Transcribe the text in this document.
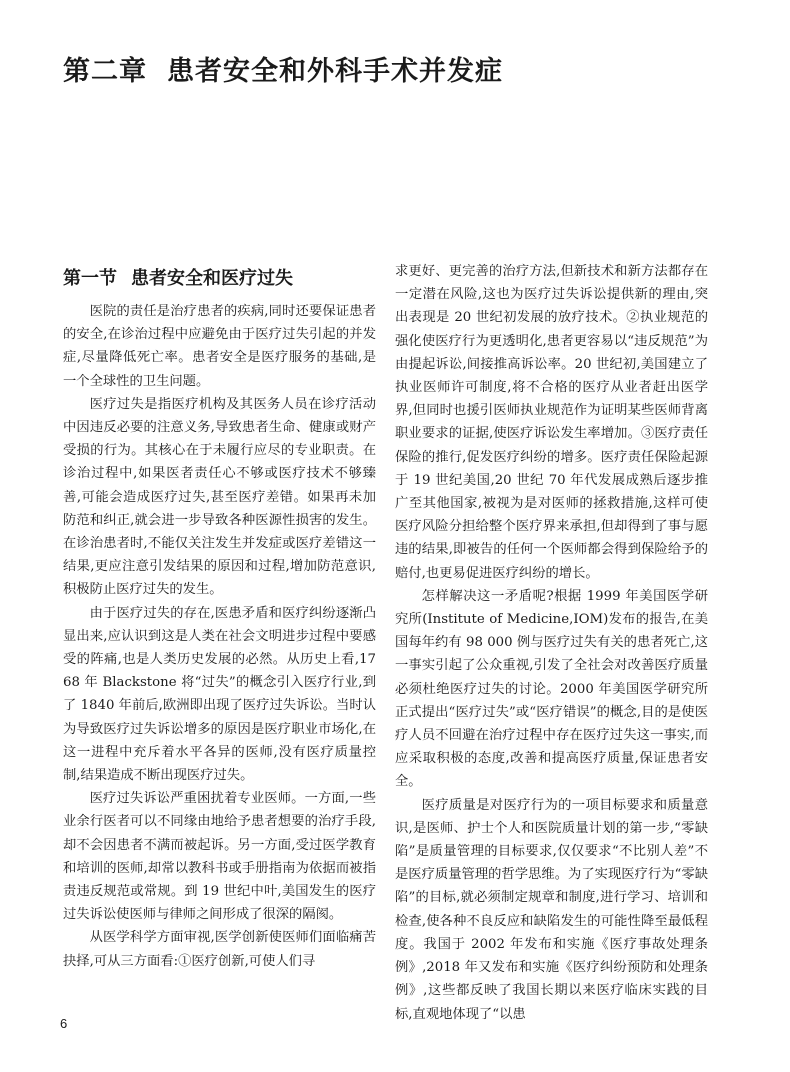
第二章 患者安全和外科手术并发症
第一节 患者安全和医疗过失

医院的责任是治疗患者的疾病,同时还要保证患者的安全,在诊治过程中应避免由于医疗过失引起的并发症,尽量降低死亡率。患者安全是医疗服务的基础,是一个全球性的卫生问题。

医疗过失是指医疗机构及其医务人员在诊疗活动中因违反必要的注意义务,导致患者生命、健康或财产受损的行为。其核心在于未履行应尽的专业职责。在诊治过程中,如果医者责任心不够或医疗技术不够臻善,可能会造成医疗过失,甚至医疗差错。如果再未加防范和纠正,就会进一步导致各种医源性损害的发生。在诊治患者时,不能仅关注发生并发症或医疗差错这一结果,更应注意引发结果的原因和过程,增加防范意识,积极防止医疗过失的发生。

由于医疗过失的存在,医患矛盾和医疗纠纷逐渐凸显出来,应认识到这是人类在社会文明进步过程中要感受的阵痛,也是人类历史发展的必然。从历史上看,1768 年 Blackstone 将“过失”的概念引入医疗行业,到了 1840 年前后,欧洲即出现了医疗过失诉讼。当时认为导致医疗过失诉讼增多的原因是医疗职业市场化,在这一进程中充斥着水平各异的医师,没有医疗质量控制,结果造成不断出现医疗过失。

医疗过失诉讼严重困扰着专业医师。一方面,一些业余行医者可以不同缘由地给予患者想要的治疗手段,却不会因患者不满而被起诉。另一方面,受过医学教育和培训的医师,却常以教科书或手册指南为依据而被指责违反规范或常规。到 19 世纪中叶,美国发生的医疗过失诉讼使医师与律师之间形成了很深的隔阂。

从医学科学方面审视,医学创新使医师们面临痛苦抉择,可从三方面看:①医疗创新,可使人们寻

求更好、更完善的治疗方法,但新技术和新方法都存在一定潜在风险,这也为医疗过失诉讼提供新的理由,突出表现是 20 世纪初发展的放疗技术。②执业规范的强化使医疗行为更透明化,患者更容易以“违反规范”为由提起诉讼,间接推高诉讼率。20 世纪初,美国建立了执业医师许可制度,将不合格的医疗从业者赶出医学界,但同时也援引医师执业规范作为证明某些医师背离职业要求的证据,使医疗诉讼发生率增加。③医疗责任保险的推行,促发医疗纠纷的增多。医疗责任保险起源于 19 世纪美国,20 世纪 70 年代发展成熟后逐步推广至其他国家,被视为是对医师的拯救措施,这样可使医疗风险分担给整个医疗界来承担,但却得到了事与愿违的结果,即被告的任何一个医师都会得到保险给予的赔付,也更易促进医疗纠纷的增长。

怎样解决这一矛盾呢?根据 1999 年美国医学研究所(Institute of Medicine,IOM)发布的报告,在美国每年约有 98 000 例与医疗过失有关的患者死亡,这一事实引起了公众重视,引发了全社会对改善医疗质量必须杜绝医疗过失的讨论。2000 年美国医学研究所正式提出“医疗过失”或“医疗错误”的概念,目的是使医疗人员不回避在治疗过程中存在医疗过失这一事实,而应采取积极的态度,改善和提高医疗质量,保证患者安全。

医疗质量是对医疗行为的一项目标要求和质量意识,是医师、护士个人和医院质量计划的第一步,“零缺陷”是质量管理的目标要求,仅仅要求“不比别人差”不是医疗质量管理的哲学思维。为了实现医疗行为“零缺陷”的目标,就必须制定规章和制度,进行学习、培训和检查,使各种不良反应和缺陷发生的可能性降至最低程度。我国于 2002 年发布和实施《医疗事故处理条例》,2018 年又发布和实施《医疗纠纷预防和处理条例》,这些都反映了我国长期以来医疗临床实践的目标,直观地体现了“以患

6
